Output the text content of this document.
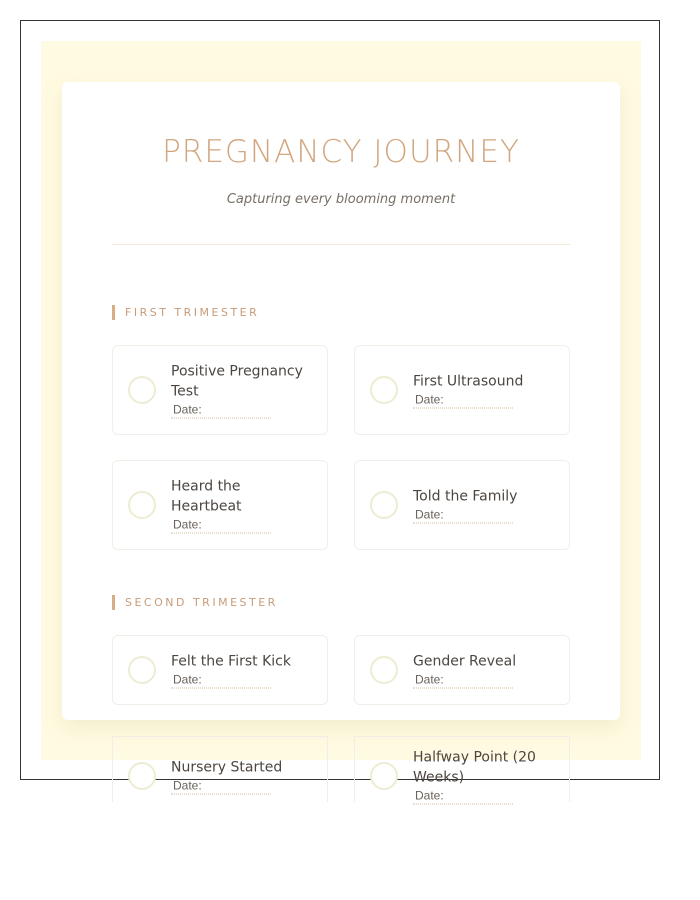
PREGNANCY JOURNEY

Capturing every blooming moment

FIRST TRIMESTER
Positive Pregnancy Test
Date:
First Ultrasound
Date:
Heard the Heartbeat
Date:
Told the Family
Date:
SECOND TRIMESTER
Felt the First Kick
Date:	Gender Reveal
Date:
Nursery Started
Date:
Halfway Point (20 Weeks)
Date:
